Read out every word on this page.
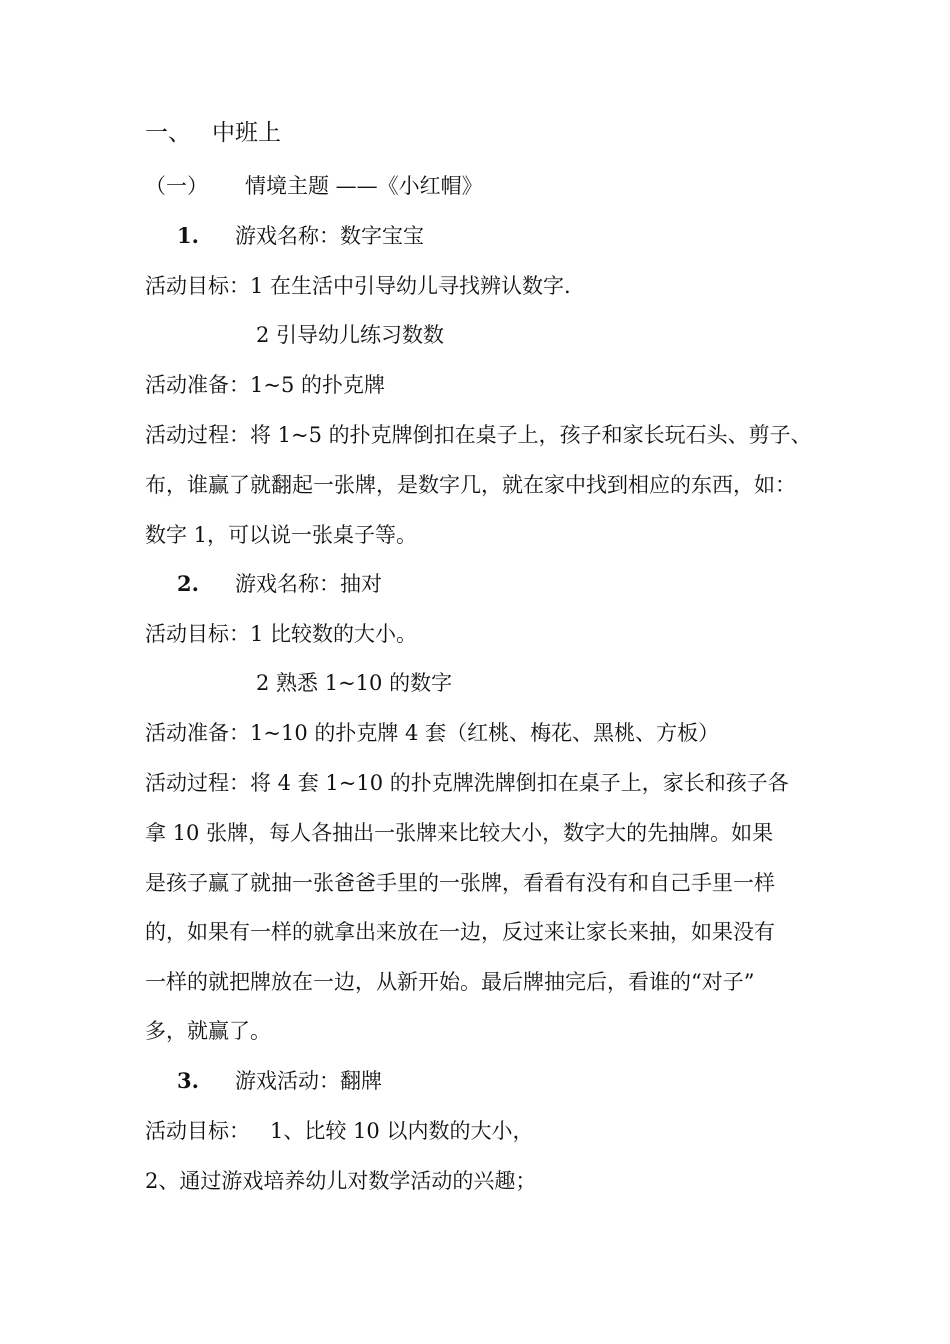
一、 中班上
（一） 情境主题 ——《小红帽》
1. 游戏名称：数字宝宝
活动目标：1 在生活中引导幼儿寻找辨认数字.
2 引导幼儿练习数数
活动准备：1~5 的扑克牌
活动过程：将 1~5 的扑克牌倒扣在桌子上，孩子和家长玩石头、剪子、
布，谁赢了就翻起一张牌，是数字几，就在家中找到相应的东西，如：
数字 1，可以说一张桌子等。
2. 游戏名称：抽对
活动目标：1 比较数的大小。
2 熟悉 1~10 的数字
活动准备：1~10 的扑克牌 4 套（红桃、梅花、黑桃、方板）
活动过程：将 4 套 1~10 的扑克牌洗牌倒扣在桌子上，家长和孩子各
拿 10 张牌，每人各抽出一张牌来比较大小，数字大的先抽牌。如果
是孩子赢了就抽一张爸爸手里的一张牌，看看有没有和自己手里一样
的，如果有一样的就拿出来放在一边，反过来让家长来抽，如果没有
一样的就把牌放在一边，从新开始。最后牌抽完后，看谁的“对子”
多，就赢了。
3. 游戏活动：翻牌
活动目标：   1、比较 10 以内数的大小，
2、通过游戏培养幼儿对数学活动的兴趣；
